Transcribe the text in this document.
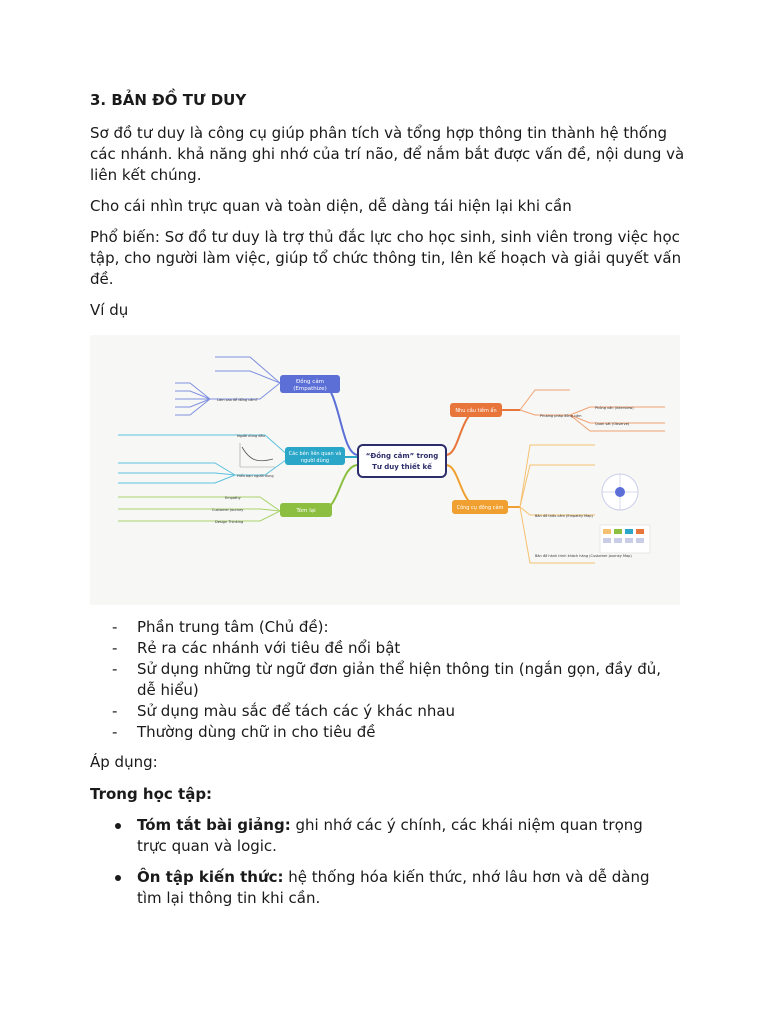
3. BẢN ĐỒ TƯ DUY

Sơ đồ tư duy là công cụ giúp phân tích và tổng hợp thông tin thành hệ thống các nhánh. khả năng ghi nhớ của trí não, để nắm bắt được vấn đề, nội dung và liên kết chúng.

Cho cái nhìn trực quan và toàn diện, dễ dàng tái hiện lại khi cần

Phổ biến: Sơ đồ tư duy là trợ thủ đắc lực cho học sinh, sinh viên trong việc học tập, cho người làm việc, giúp tổ chức thông tin, lên kế hoạch và giải quyết vấn đề.

Ví dụ

“Đồng cảm” trong
Tư duy thiết kế
Đồng cảm
(Empathize)
Các bên liên quan và
người dùng
Tóm lại
Nhu cầu tiềm ẩn
Công cụ đồng cảm
Làm sao để đồng cảm?
Hiểu bạn người dùng
Người dùng đầu
Empathy
Customer Journey
Design Thinking
Phương pháp đồng cảm
Phỏng vấn (Interview)
Quan sát (Observe)
Bản đồ thấu cảm (Empathy Map)
Bản đồ hành trình khách hàng (Customer Journey Map)
- Phần trung tâm (Chủ đề):
- Rẻ ra các nhánh với tiêu đề nổi bật
- Sử dụng những từ ngữ đơn giản thể hiện thông tin (ngắn gọn, đầy đủ, dễ hiểu)
- Sử dụng màu sắc để tách các ý khác nhau
- Thường dùng chữ in cho tiêu đề

Áp dụng:

Trong học tập:

Tóm tắt bài giảng: ghi nhớ các ý chính, các khái niệm quan trọng trực quan và logic.
Ôn tập kiến thức: hệ thống hóa kiến thức, nhớ lâu hơn và dễ dàng tìm lại thông tin khi cần.
